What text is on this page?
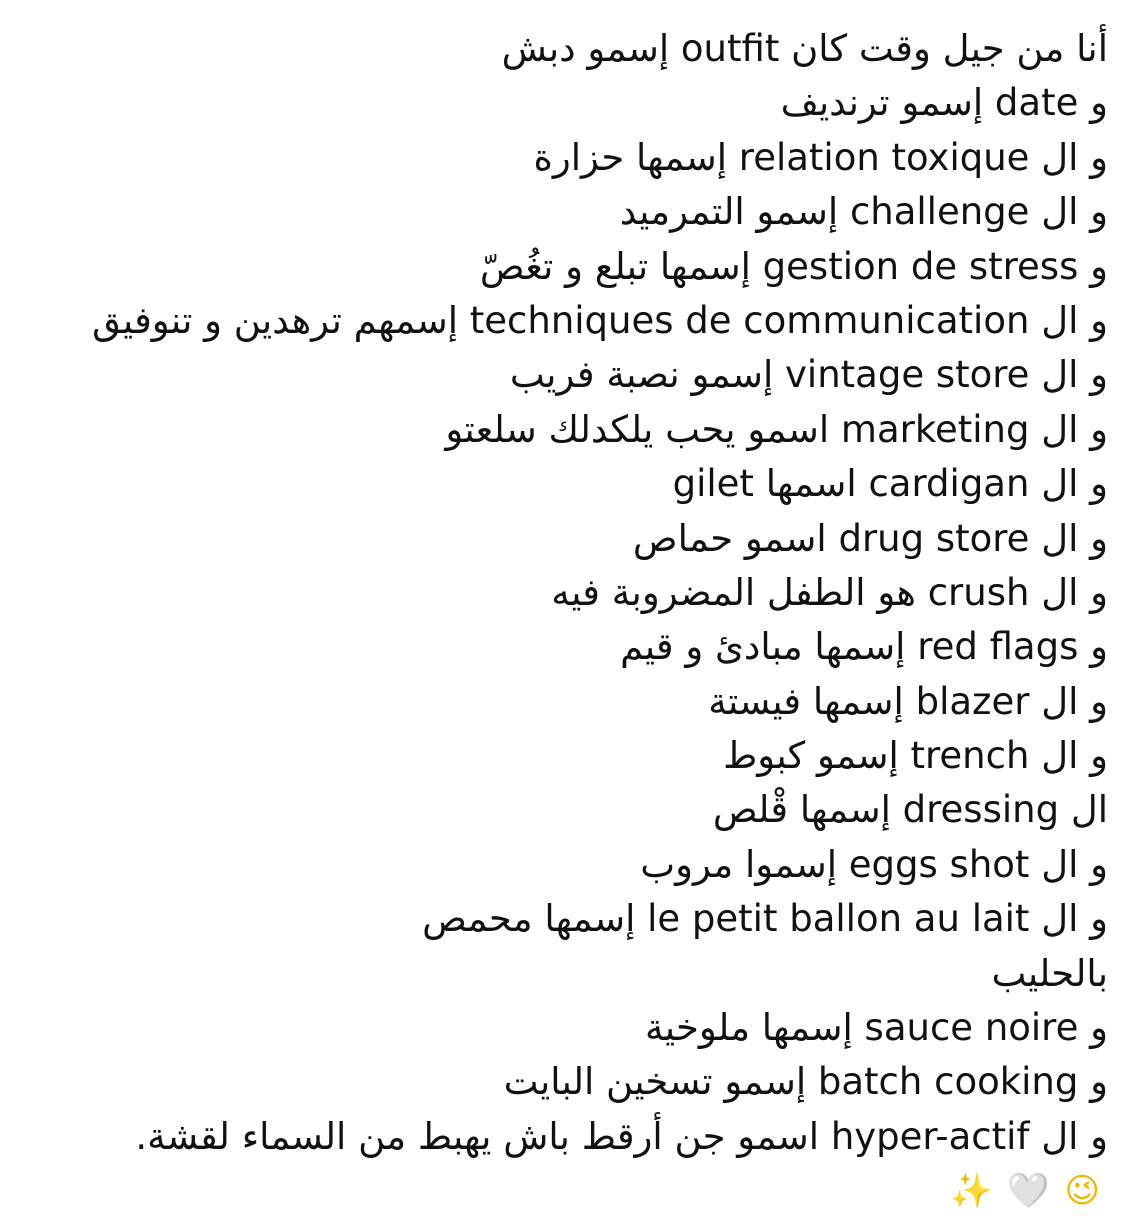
أنا من جيل وقت كان outfit إسمو دبش
و date إسمو ترنديف
و ال relation toxique إسمها حزارة
و ال challenge إسمو التمرميد
و gestion de stress إسمها تبلع و تغُصّ
و ال techniques de communication إسمهم ترهدين و تنوفيق
و ال vintage store إسمو نصبة فريب
و ال marketing اسمو يحب يلكدلك سلعتو
و ال cardigan اسمها gilet
و ال drug store اسمو حماص
و ال crush هو الطفل المضروبة فيه
و red flags إسمها مبادئ و قيم
و ال blazer إسمها فيستة
و ال trench إسمو كبوط
ال dressing إسمها قْلص
و ال eggs shot إسموا مروب
و ال le petit ballon au lait إسمها محمص
بالحليب
و sauce noire إسمها ملوخية
و batch cooking إسمو تسخين البايت
و ال hyper-actif اسمو جن أرقط باش يهبط من السماء لقشة.
✨ 🤍 😉
